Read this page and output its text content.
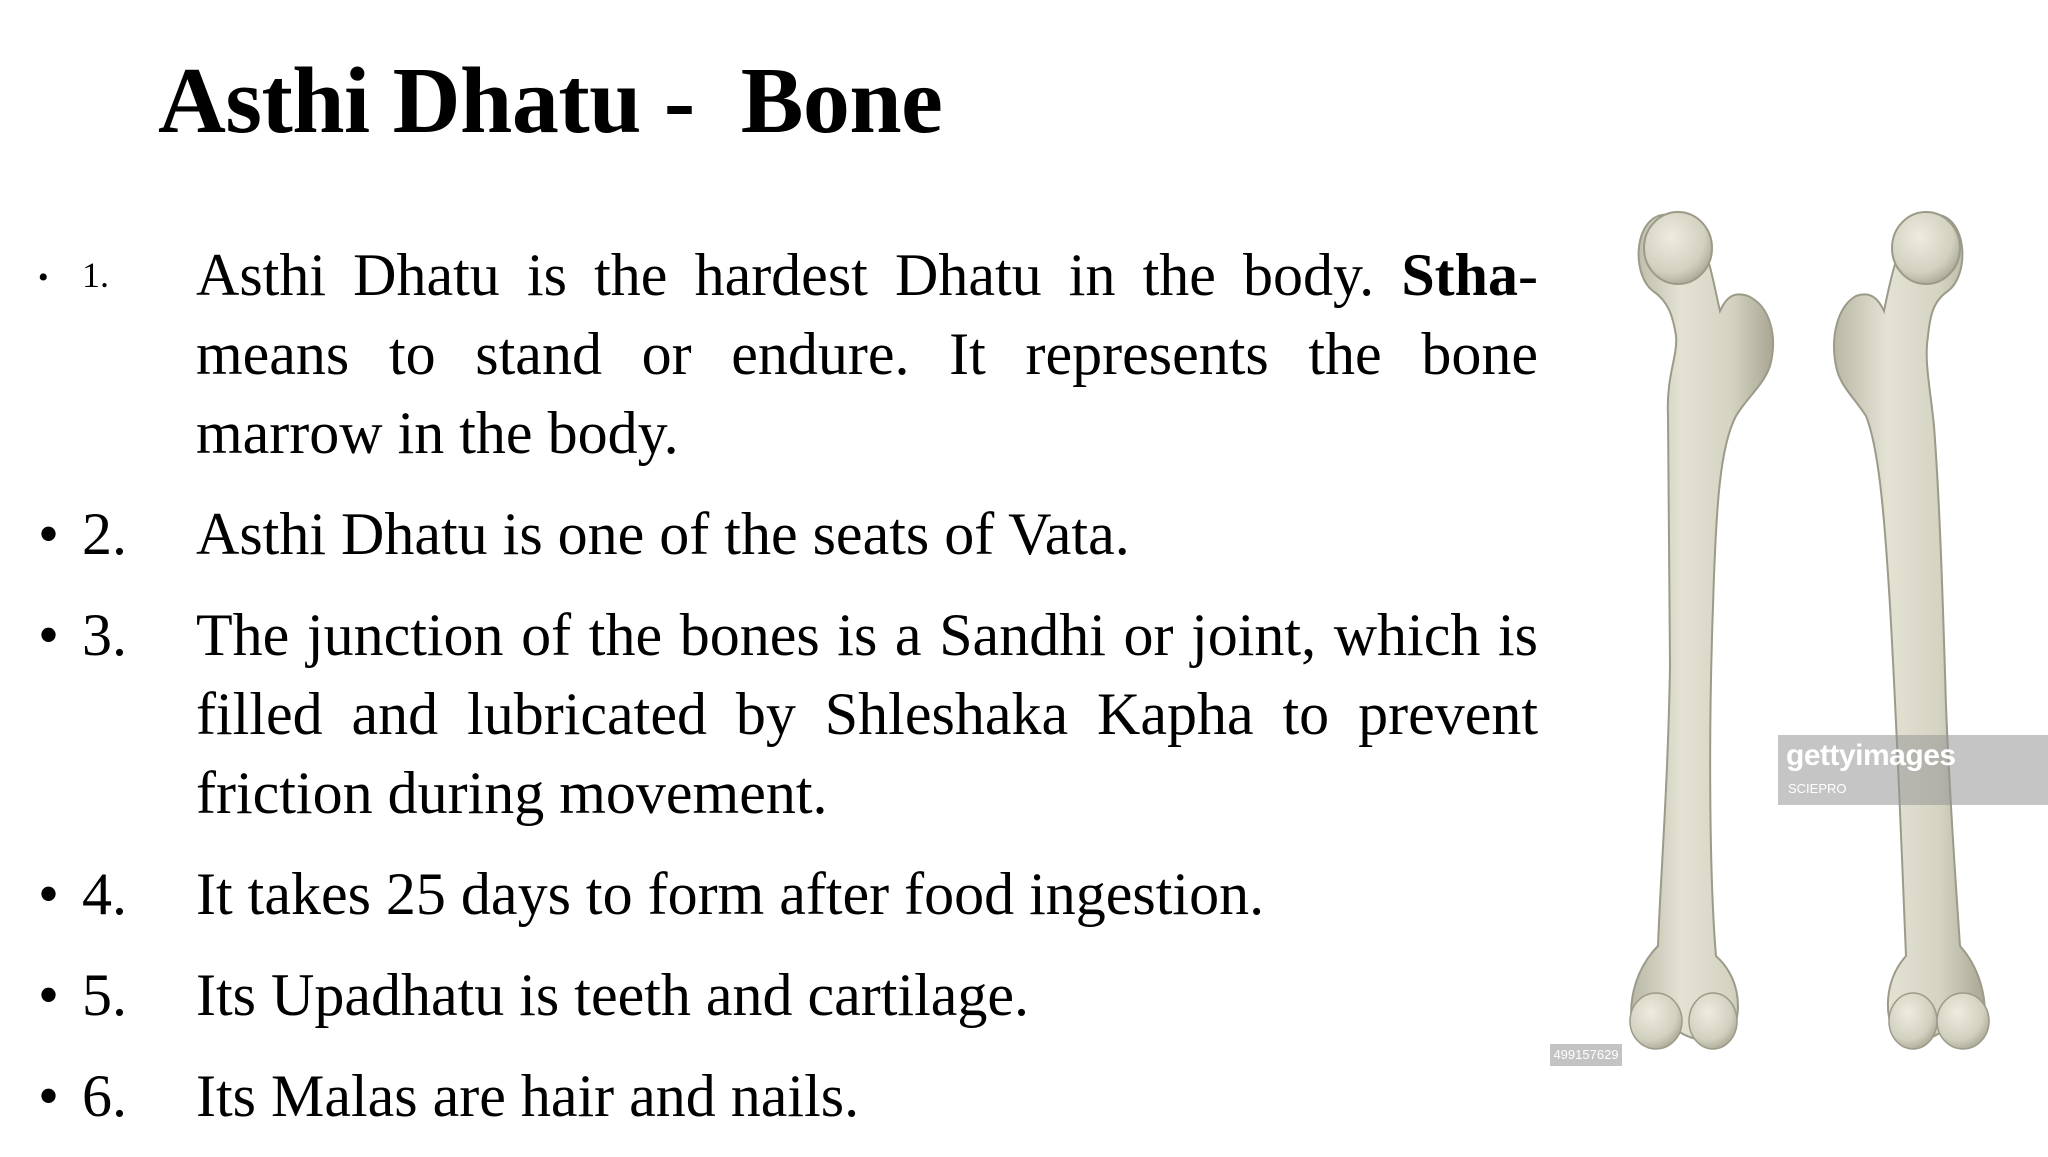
Asthi Dhatu -  Bone
• 1.	Asthi Dhatu is the hardest Dhatu in the body. Stha- means to stand or endure. It represents the bone marrow in the body.
• 2.	Asthi Dhatu is one of the seats of Vata.
• 3.	The junction of the bones is a Sandhi or joint, which is filled and lubricated by Shleshaka Kapha to prevent friction during movement.
• 4.	It takes 25 days to form after food ingestion.
• 5.	Its Upadhatu is teeth and cartilage.
• 6.	Its Malas are hair and nails.
gettyimages
SCIEPRO
499157629
